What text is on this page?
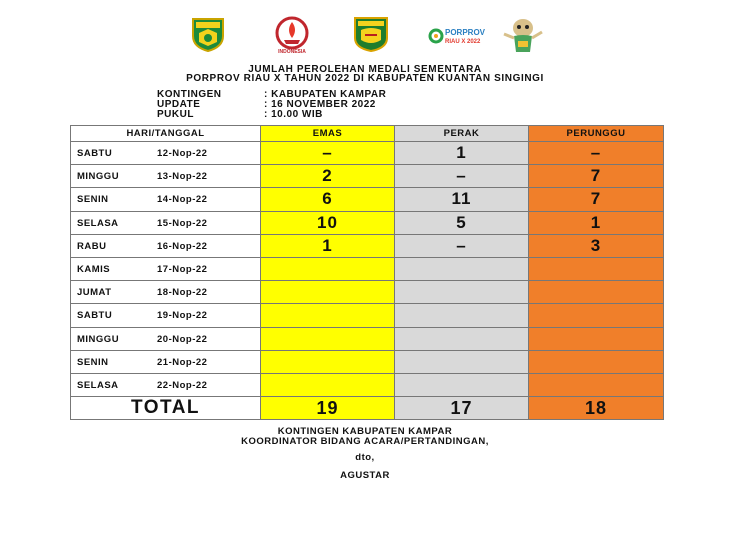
INDONESIA
PORPROV
RIAU X 2022
JUMLAH PEROLEHAN MEDALI SEMENTARA
PORPROV RIAU X TAHUN 2022 DI KABUPATEN KUANTAN SINGINGI
KONTINGEN	: KABUPATEN KAMPAR
UPDATE	: 16 NOVEMBER 2022
PUKUL	: 10.00 WIB
HARI/TANGGAL	EMAS	PERAK	PERUNGGU

SABTU 12-Nop-22	–	1	–

MINGGU 13-Nop-22	2	–	7

SENIN 14-Nop-22	6	11	7

SELASA 15-Nop-22	10	5	1

RABU 16-Nop-22	1	–	3

KAMIS 17-Nop-22			

JUMAT 18-Nop-22			

SABTU 19-Nop-22			

MINGGU 20-Nop-22			

SENIN 21-Nop-22			

SELASA 22-Nop-22			

TOTAL	19	17	18
KONTINGEN KABUPATEN KAMPAR
KOORDINATOR BIDANG ACARA/PERTANDINGAN,
dto,
AGUSTAR
